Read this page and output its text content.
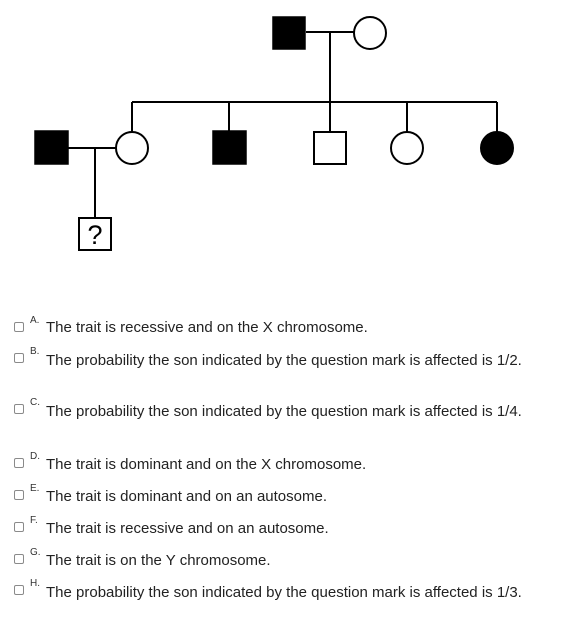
?
A. The trait is recessive and on the X chromosome.
B.
The probability the son indicated by the question mark is affected is 1/2.
C.
The probability the son indicated by the question mark is affected is 1/4.
D. The trait is dominant and on the X chromosome.
E. The trait is dominant and on an autosome.
F. The trait is recessive and on an autosome.
G. The trait is on the Y chromosome.
H.
The probability the son indicated by the question mark is affected is 1/3.
